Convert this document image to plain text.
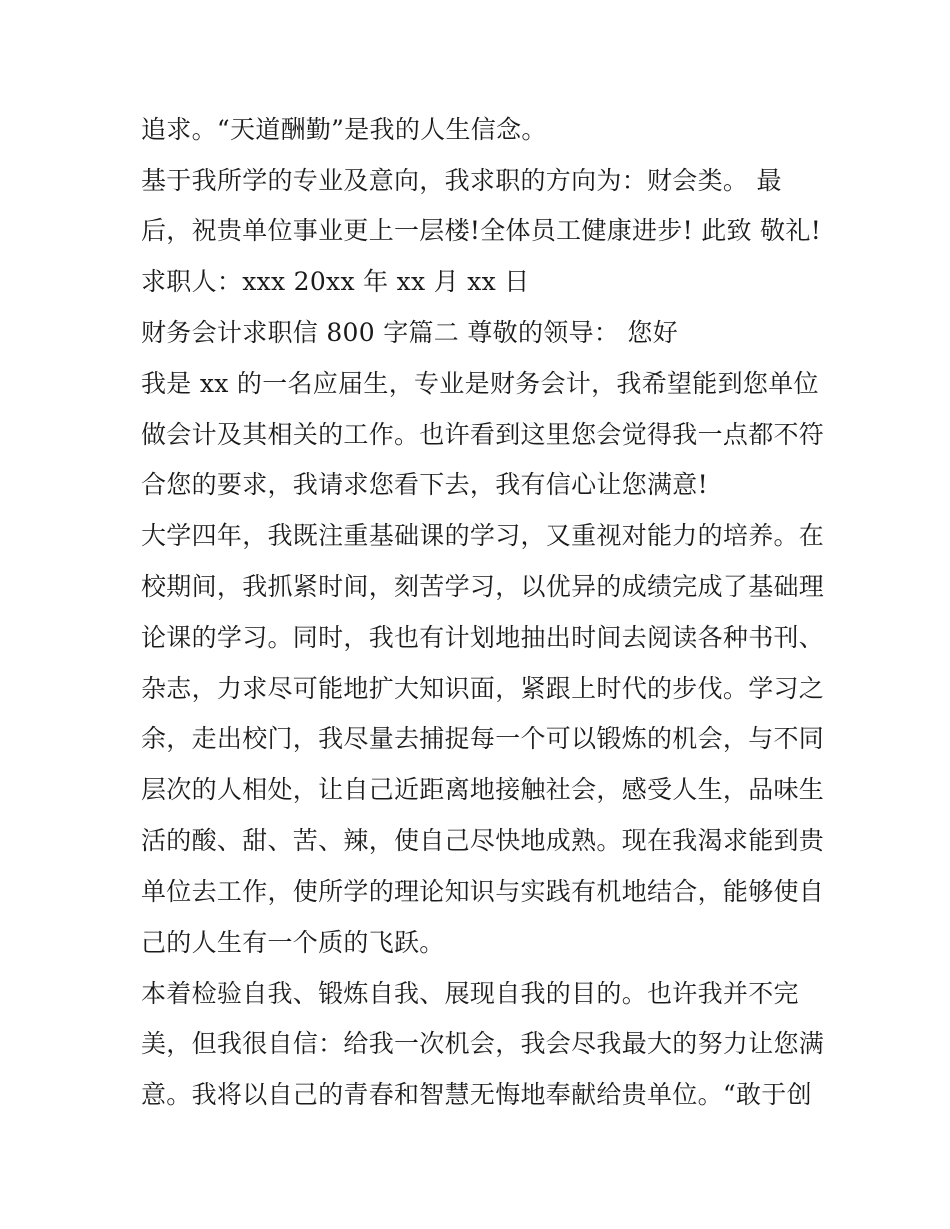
追求。“天道酬勤”是我的人生信念。
基于我所学的专业及意向，我求职的方向为：财会类。 最
后，祝贵单位事业更上一层楼!全体员工健康进步! 此致 敬礼!
求职人：xxx 20xx 年 xx 月 xx 日
财务会计求职信 800 字篇二 尊敬的领导： 您好
我是 xx 的一名应届生，专业是财务会计，我希望能到您单位
做会计及其相关的工作。也许看到这里您会觉得我一点都不符
合您的要求，我请求您看下去，我有信心让您满意!
大学四年，我既注重基础课的学习，又重视对能力的培养。在
校期间，我抓紧时间，刻苦学习，以优异的成绩完成了基础理
论课的学习。同时，我也有计划地抽出时间去阅读各种书刊、
杂志，力求尽可能地扩大知识面，紧跟上时代的步伐。学习之
余，走出校门，我尽量去捕捉每一个可以锻炼的机会，与不同
层次的人相处，让自己近距离地接触社会，感受人生，品味生
活的酸、甜、苦、辣，使自己尽快地成熟。现在我渴求能到贵
单位去工作，使所学的理论知识与实践有机地结合，能够使自
己的人生有一个质的飞跃。
本着检验自我、锻炼自我、展现自我的目的。也许我并不完
美，但我很自信：给我一次机会，我会尽我最大的努力让您满
意。我将以自己的青春和智慧无悔地奉献给贵单位。“敢于创
